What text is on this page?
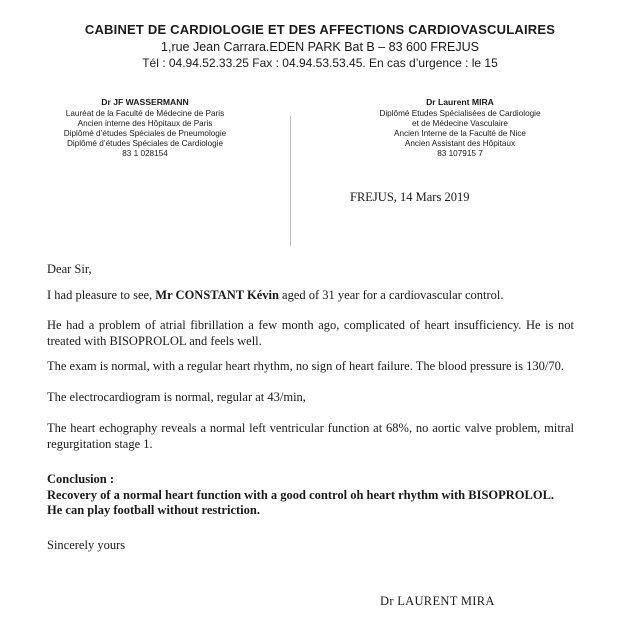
CABINET DE CARDIOLOGIE ET DES AFFECTIONS CARDIOVASCULAIRES
1,rue Jean Carrara.EDEN PARK Bat B – 83 600 FREJUS
Tél : 04.94.52.33.25 Fax : 04.94.53.53.45. En cas d’urgence : le 15
Dr JF WASSERMANN
Lauréat de la Faculté de Médecine de Paris
Ancien interne des Hôpitaux de Paris
Diplômé d’études Spéciales de Pneumologie
Diplômé d’études Spéciales de Cardiologie
83 1 028154
Dr Laurent MIRA
Diplômé Etudes Spécialisées de Cardiologie
et de Médecine Vasculaire
Ancien Interne de la Faculté de Nice
Ancien Assistant des Hôpitaux
83 107915 7
FREJUS, 14 Mars 2019
Dear Sir,
I had pleasure to see, Mr CONSTANT Kévin aged of 31 year for a cardiovascular control.
He had a problem of atrial fibrillation a few month ago, complicated of heart insufficiency. He is not treated with BISOPROLOL and feels well.
The exam is normal, with a regular heart rhythm, no sign of heart failure. The blood pressure is 130/70.
The electrocardiogram is normal, regular at 43/min,
The heart echography reveals a normal left ventricular function at 68%, no aortic valve problem, mitral regurgitation stage 1.
Conclusion :
Recovery of a normal heart function with a good control oh heart rhythm with BISOPROLOL.
He can play football without restriction.
Sincerely yours
Dr LAURENT MIRA
